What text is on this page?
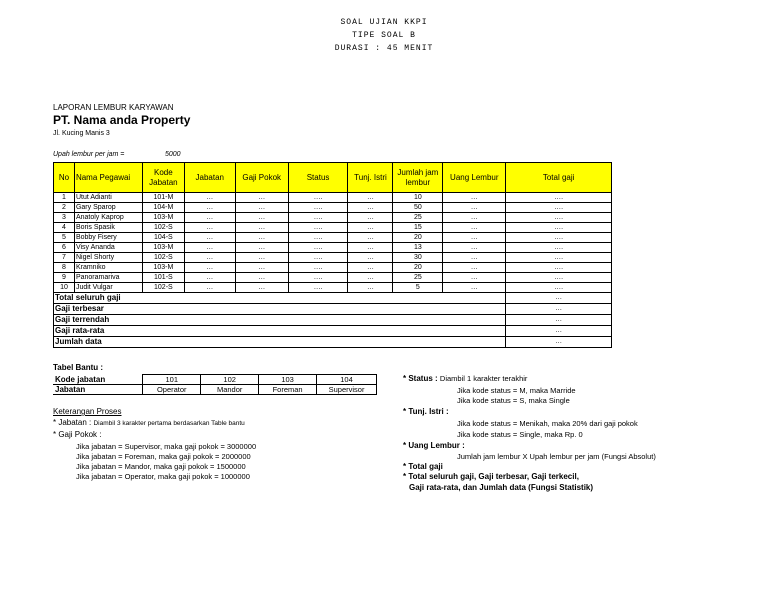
SOAL UJIAN KKPI
TIPE SOAL B
DURASI : 45 MENIT
LAPORAN LEMBUR KARYAWAN
PT. Nama anda Property
Jl. Kucing Manis 3
Upah lembur per jam =	5000
No	Nama Pegawai	Kode Jabatan	Jabatan	Gaji Pokok	Status	Tunj. Istri	Jumlah jam lembur	Uang Lembur	Total gaji
1	Utut Adianti	101-M	…	…	….	…	10	…	….
2	Gary Sparop	104-M	…	…	….	…	50	…	….
3	Anatoly Kaprop	103-M	…	…	….	…	25	…	….
4	Boris Spasik	102-S	…	…	….	…	15	…	….
5	Bobby Fisery	104-S	…	…	….	…	20	…	….
6	Visy Ananda	103-M	…	…	….	…	13	…	….
7	Nigel Shorty	102-S	…	…	….	…	30	…	….
8	Kramniko	103-M	…	…	….	…	20	…	….
9	Panoramariva	101-S	…	…	….	…	25	…	….
10	Judit Vulgar	102-S	…	…	….	…	5	…	….
Total seluruh gaji									…
Gaji terbesar									…
Gaji terrendah									…
Gaji rata-rata									…
Jumlah data									…
Tabel Bantu :
Kode jabatan	101	102	103	104
Jabatan	Operator	Mandor	Foreman	Supervisor
Keterangan Proses
* Jabatan : Diambil 3 karakter pertama berdasarkan Table bantu
* Gaji Pokok :
Jika jabatan = Supervisor, maka gaji pokok = 3000000
Jika jabatan = Foreman, maka gaji pokok = 2000000
Jika jabatan = Mandor, maka gaji pokok = 1500000
Jika jabatan = Operator, maka gaji pokok = 1000000
* Status : Diambil 1 karakter terakhir
Jika kode status = M, maka Marride
Jika kode status = S, maka Single
* Tunj. Istri :
Jika kode status = Menikah, maka 20% dari gaji pokok
Jika kode status = Single, maka Rp. 0
* Uang Lembur :
Jumlah jam lembur X Upah lembur per jam (Fungsi Absolut)
* Total gaji
* Total seluruh gaji, Gaji terbesar, Gaji terkecil,
Gaji rata-rata, dan Jumlah data (Fungsi Statistik)
